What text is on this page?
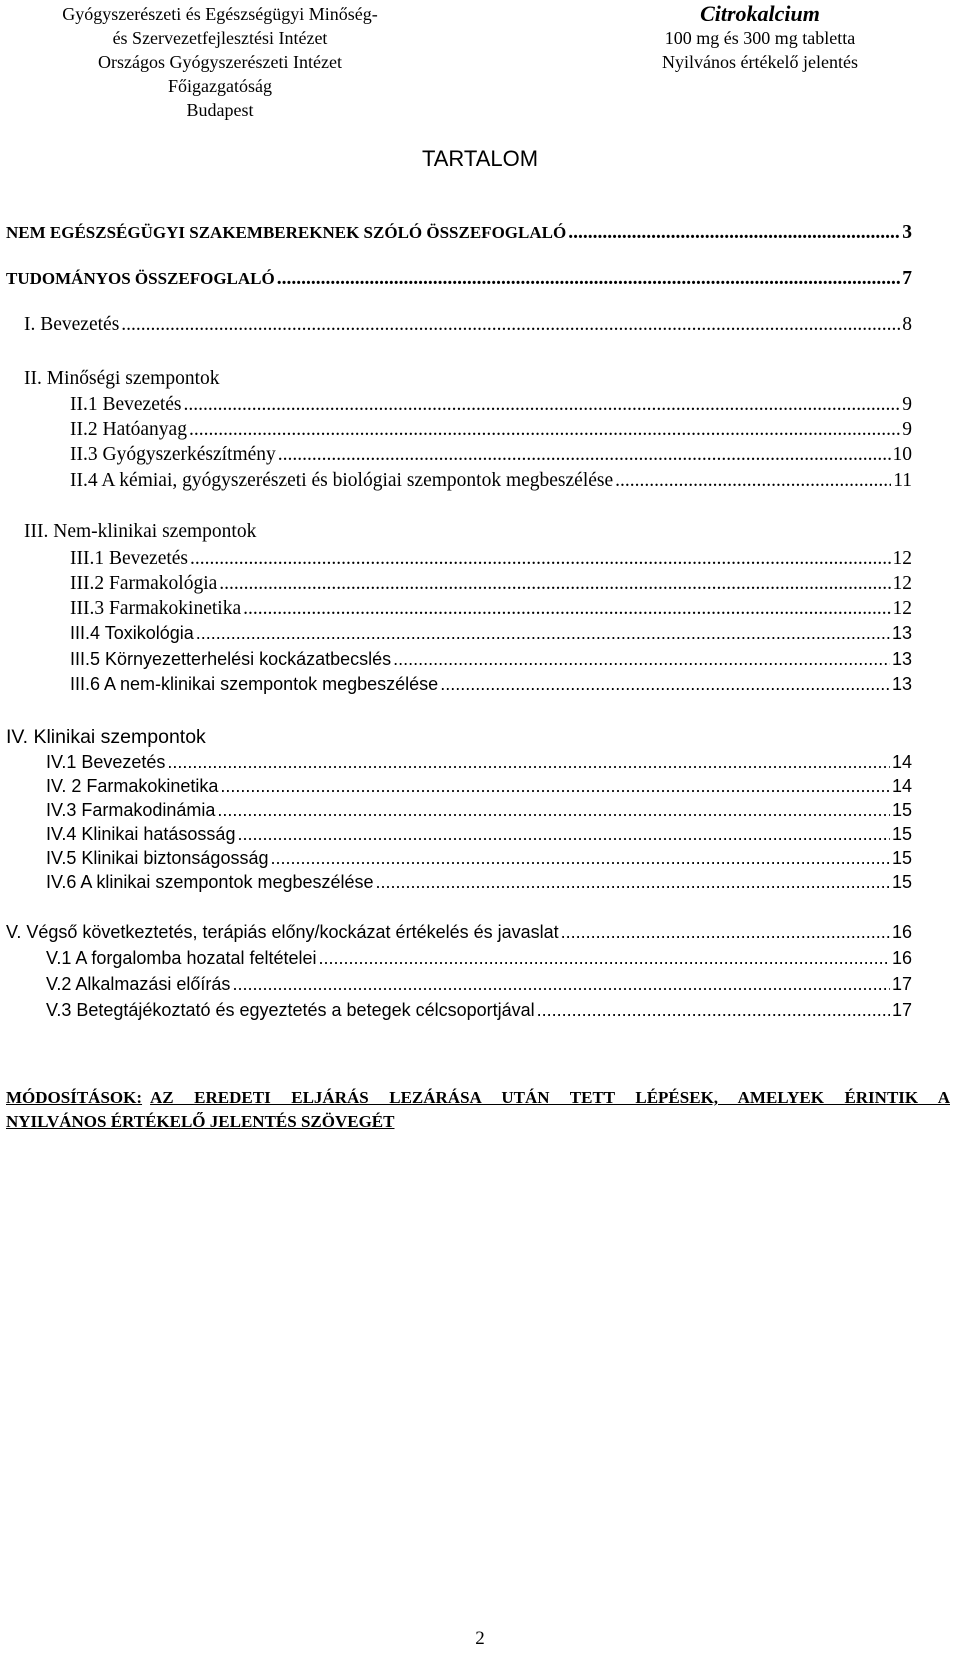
Gyógyszerészeti és Egészségügyi Minőség-
és Szervezetfejlesztési Intézet
Országos Gyógyszerészeti Intézet
Főigazgatóság
Budapest
Citrokalcium
100 mg és 300 mg tabletta
Nyilvános értékelő jelentés
TARTALOM
NEM EGÉSZSÉGÜGYI SZAKEMBEREKNEK SZÓLÓ ÖSSZEFOGLALÓ .....	3
TUDOMÁNYOS ÖSSZEFOGLALÓ .....	7
I. Bevezetés .....	8
II. Minőségi szempontok
II.1 Bevezetés .....	9
II.2 Hatóanyag .....	9
II.3 Gyógyszerkészítmény .....	10
II.4 A kémiai, gyógyszerészeti és biológiai szempontok megbeszélése .....	11
III. Nem-klinikai szempontok
III.1 Bevezetés .....	12
III.2 Farmakológia .....	12
III.3 Farmakokinetika .....	12
III.4 Toxikológia .....	13
III.5 Környezetterhelési kockázatbecslés .....	13
III.6 A nem-klinikai szempontok megbeszélése .....	13
IV. Klinikai szempontok
IV.1 Bevezetés .....	14
IV. 2 Farmakokinetika .....	14
IV.3 Farmakodinámia .....	15
IV.4 Klinikai hatásosság .....	15
IV.5 Klinikai biztonságosság .....	15
IV.6 A klinikai szempontok megbeszélése .....	15
V. Végső következtetés, terápiás előny/kockázat értékelés és javaslat .....	16
V.1 A forgalomba hozatal feltételei .....	16
V.2 Alkalmazási előírás .....	17
V.3 Betegtájékoztató és egyeztetés a betegek célcsoportjával .....	17
MÓDOSÍTÁSOK: AZ EREDETI ELJÁRÁS LEZÁRÁSA UTÁN TETT LÉPÉSEK, AMELYEK ÉRINTIK A
NYILVÁNOS ÉRTÉKELŐ JELENTÉS SZÖVEGÉT
2
